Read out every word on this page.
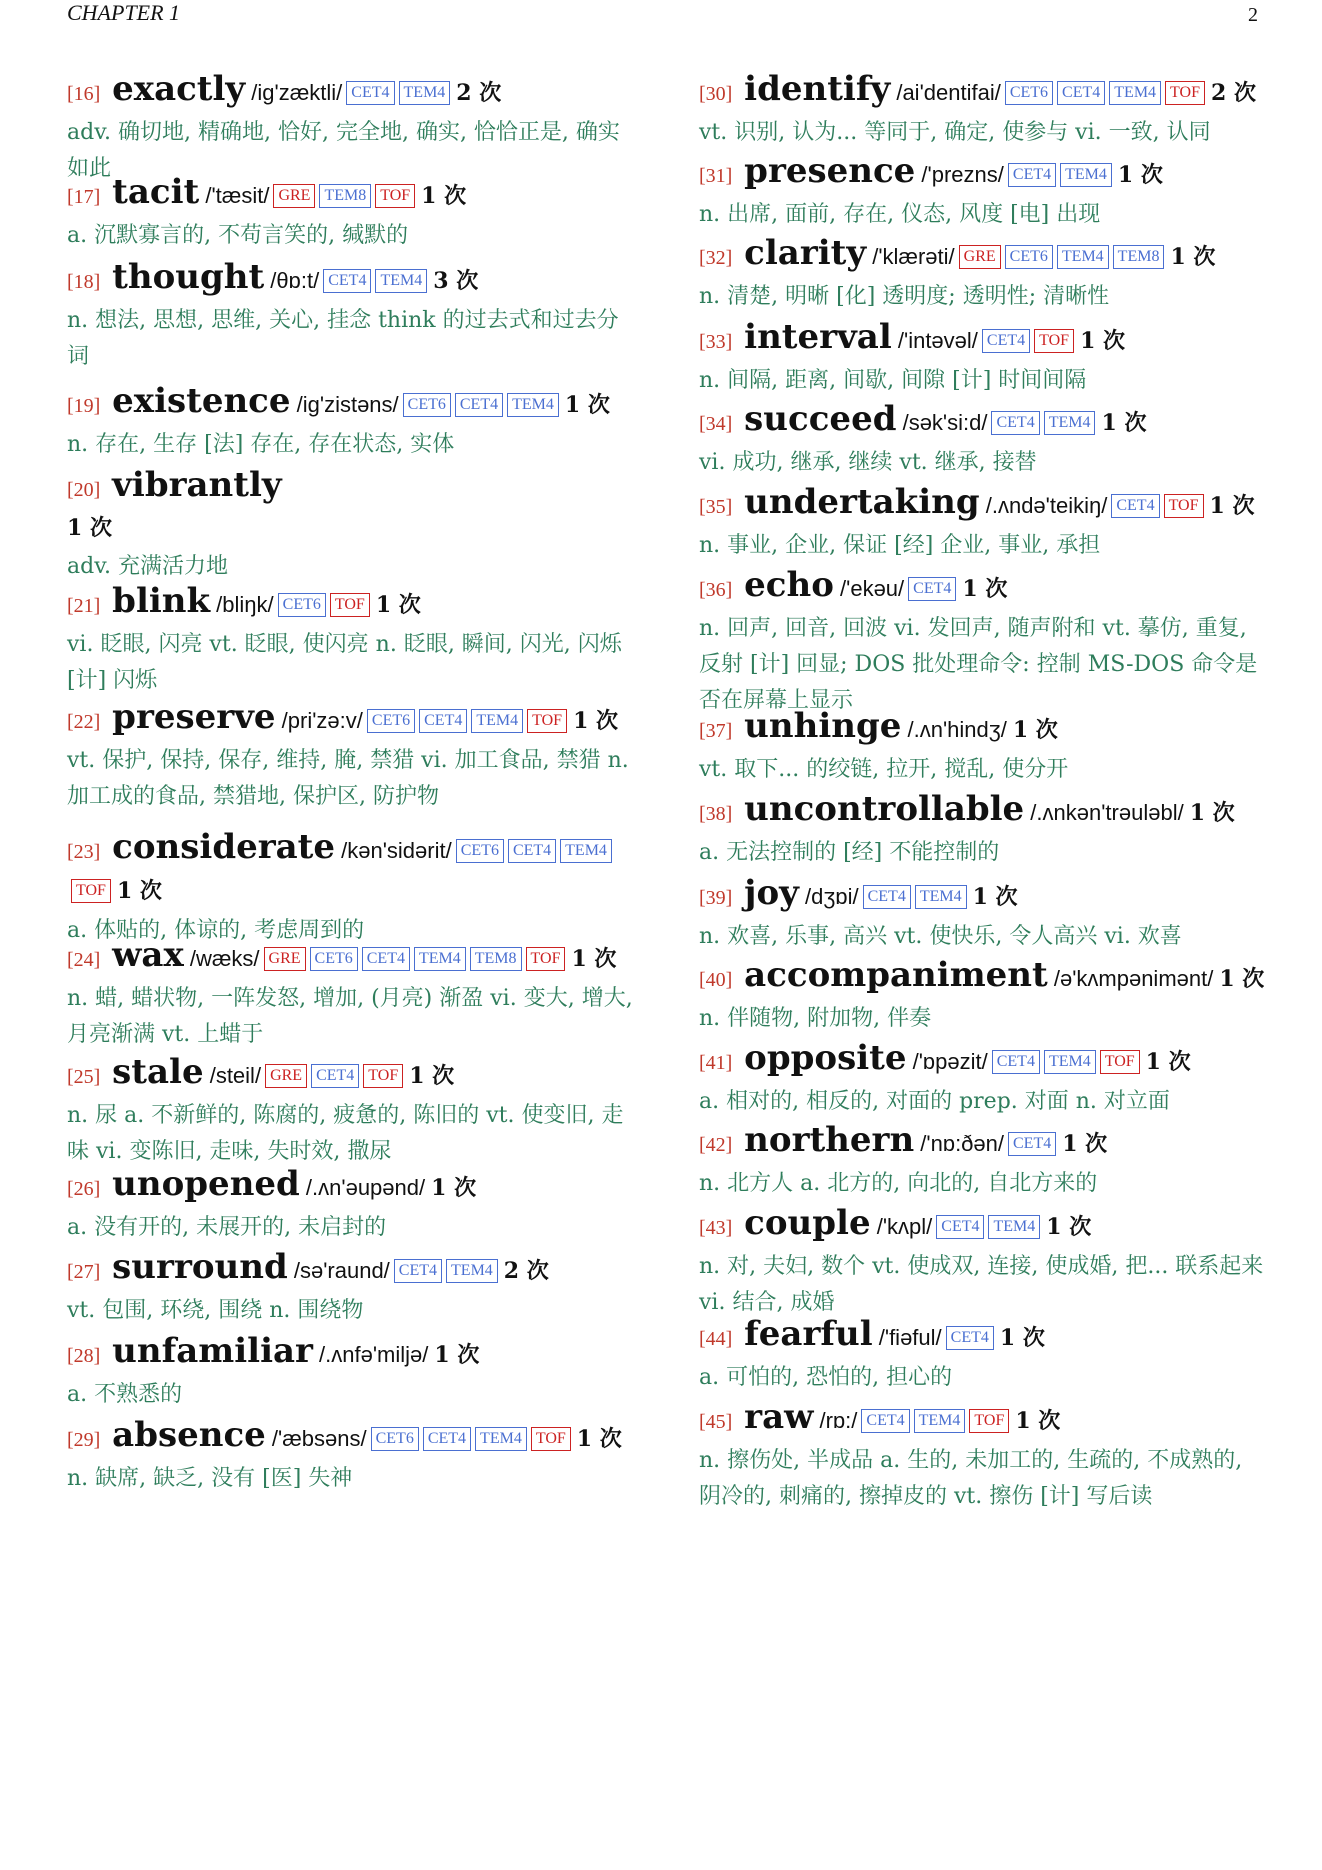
CHAPTER 1	2
[16] exactly /ig'zæktli/ CET4 TEM4 2 次
adv. 确切地, 精确地, 恰好, 完全地, 确实, 恰恰正是, 确实如此
[17] tacit /'tæsit/ GRE TEM8 TOF 1 次
a. 沉默寡言的, 不苟言笑的, 缄默的
[18] thought /θɒ:t/ CET4 TEM4 3 次
n. 想法, 思想, 思维, 关心, 挂念 think 的过去式和过去分词
[19] existence /ig'zistəns/ CET6 CET4 TEM4 1 次
n. 存在, 生存 [法] 存在, 存在状态, 实体
[20] vibrantly
1 次
adv. 充满活力地
[21] blink /bliŋk/ CET6 TOF 1 次
vi. 眨眼, 闪亮 vt. 眨眼, 使闪亮 n. 眨眼, 瞬间, 闪光, 闪烁 [计] 闪烁
[22] preserve /pri'zə:v/ CET6 CET4 TEM4 TOF 1 次
vt. 保护, 保持, 保存, 维持, 腌, 禁猎 vi. 加工食品, 禁猎 n. 加工成的食品, 禁猎地, 保护区, 防护物
[23] considerate /kən'sidərit/ CET6 CET4 TEM4TOF 1 次
a. 体贴的, 体谅的, 考虑周到的
[24] wax /wæks/ GRE CET6 CET4 TEM4 TEM8 TOF 1 次
n. 蜡, 蜡状物, 一阵发怒, 增加, (月亮) 渐盈 vi. 变大, 增大, 月亮渐满 vt. 上蜡于
[25] stale /steil/ GRE CET4 TOF 1 次
n. 尿 a. 不新鲜的, 陈腐的, 疲惫的, 陈旧的 vt. 使变旧, 走味 vi. 变陈旧, 走味, 失时效, 撒尿
[26] unopened /.ʌn'əupənd/ 1 次
a. 没有开的, 未展开的, 未启封的
[27] surround /sə'raund/ CET4 TEM4 2 次
vt. 包围, 环绕, 围绕 n. 围绕物
[28] unfamiliar /.ʌnfə'miljə/ 1 次
a. 不熟悉的
[29] absence /'æbsəns/ CET6 CET4 TEM4 TOF 1 次
n. 缺席, 缺乏, 没有 [医] 失神
[30] identify /ai'dentifai/ CET6 CET4 TEM4 TOF 2 次
vt. 识别, 认为... 等同于, 确定, 使参与 vi. 一致, 认同
[31] presence /'prezns/ CET4 TEM4 1 次
n. 出席, 面前, 存在, 仪态, 风度 [电] 出现
[32] clarity /'klærəti/ GRE CET6 TEM4 TEM8 1 次
n. 清楚, 明晰 [化] 透明度; 透明性; 清晰性
[33] interval /'intəvəl/ CET4 TOF 1 次
n. 间隔, 距离, 间歇, 间隙 [计] 时间间隔
[34] succeed /sək'si:d/ CET4 TEM4 1 次
vi. 成功, 继承, 继续 vt. 继承, 接替
[35] undertaking /.ʌndə'teikiŋ/ CET4 TOF 1 次
n. 事业, 企业, 保证 [经] 企业, 事业, 承担
[36] echo /'ekəu/ CET4 1 次
n. 回声, 回音, 回波 vi. 发回声, 随声附和 vt. 摹仿, 重复, 反射 [计] 回显; DOS 批处理命令: 控制 MS-DOS 命令是否在屏幕上显示
[37] unhinge /.ʌn'hindʒ/ 1 次
vt. 取下... 的绞链, 拉开, 搅乱, 使分开
[38] uncontrollable /.ʌnkən'trəuləbl/ 1 次
a. 无法控制的 [经] 不能控制的
[39] joy /dʒɒi/ CET4 TEM4 1 次
n. 欢喜, 乐事, 高兴 vt. 使快乐, 令人高兴 vi. 欢喜
[40] accompaniment /ə'kʌmpənimənt/ 1 次
n. 伴随物, 附加物, 伴奏
[41] opposite /'ɒpəzit/ CET4 TEM4 TOF 1 次
a. 相对的, 相反的, 对面的 prep. 对面 n. 对立面
[42] northern /'nɒ:ðən/ CET4 1 次
n. 北方人 a. 北方的, 向北的, 自北方来的
[43] couple /'kʌpl/ CET4 TEM4 1 次
n. 对, 夫妇, 数个 vt. 使成双, 连接, 使成婚, 把... 联系起来 vi. 结合, 成婚
[44] fearful /'fiəful/ CET4 1 次
a. 可怕的, 恐怕的, 担心的
[45] raw /rɒ:/ CET4 TEM4 TOF 1 次
n. 擦伤处, 半成品 a. 生的, 未加工的, 生疏的, 不成熟的, 阴冷的, 刺痛的, 擦掉皮的 vt. 擦伤 [计] 写后读
